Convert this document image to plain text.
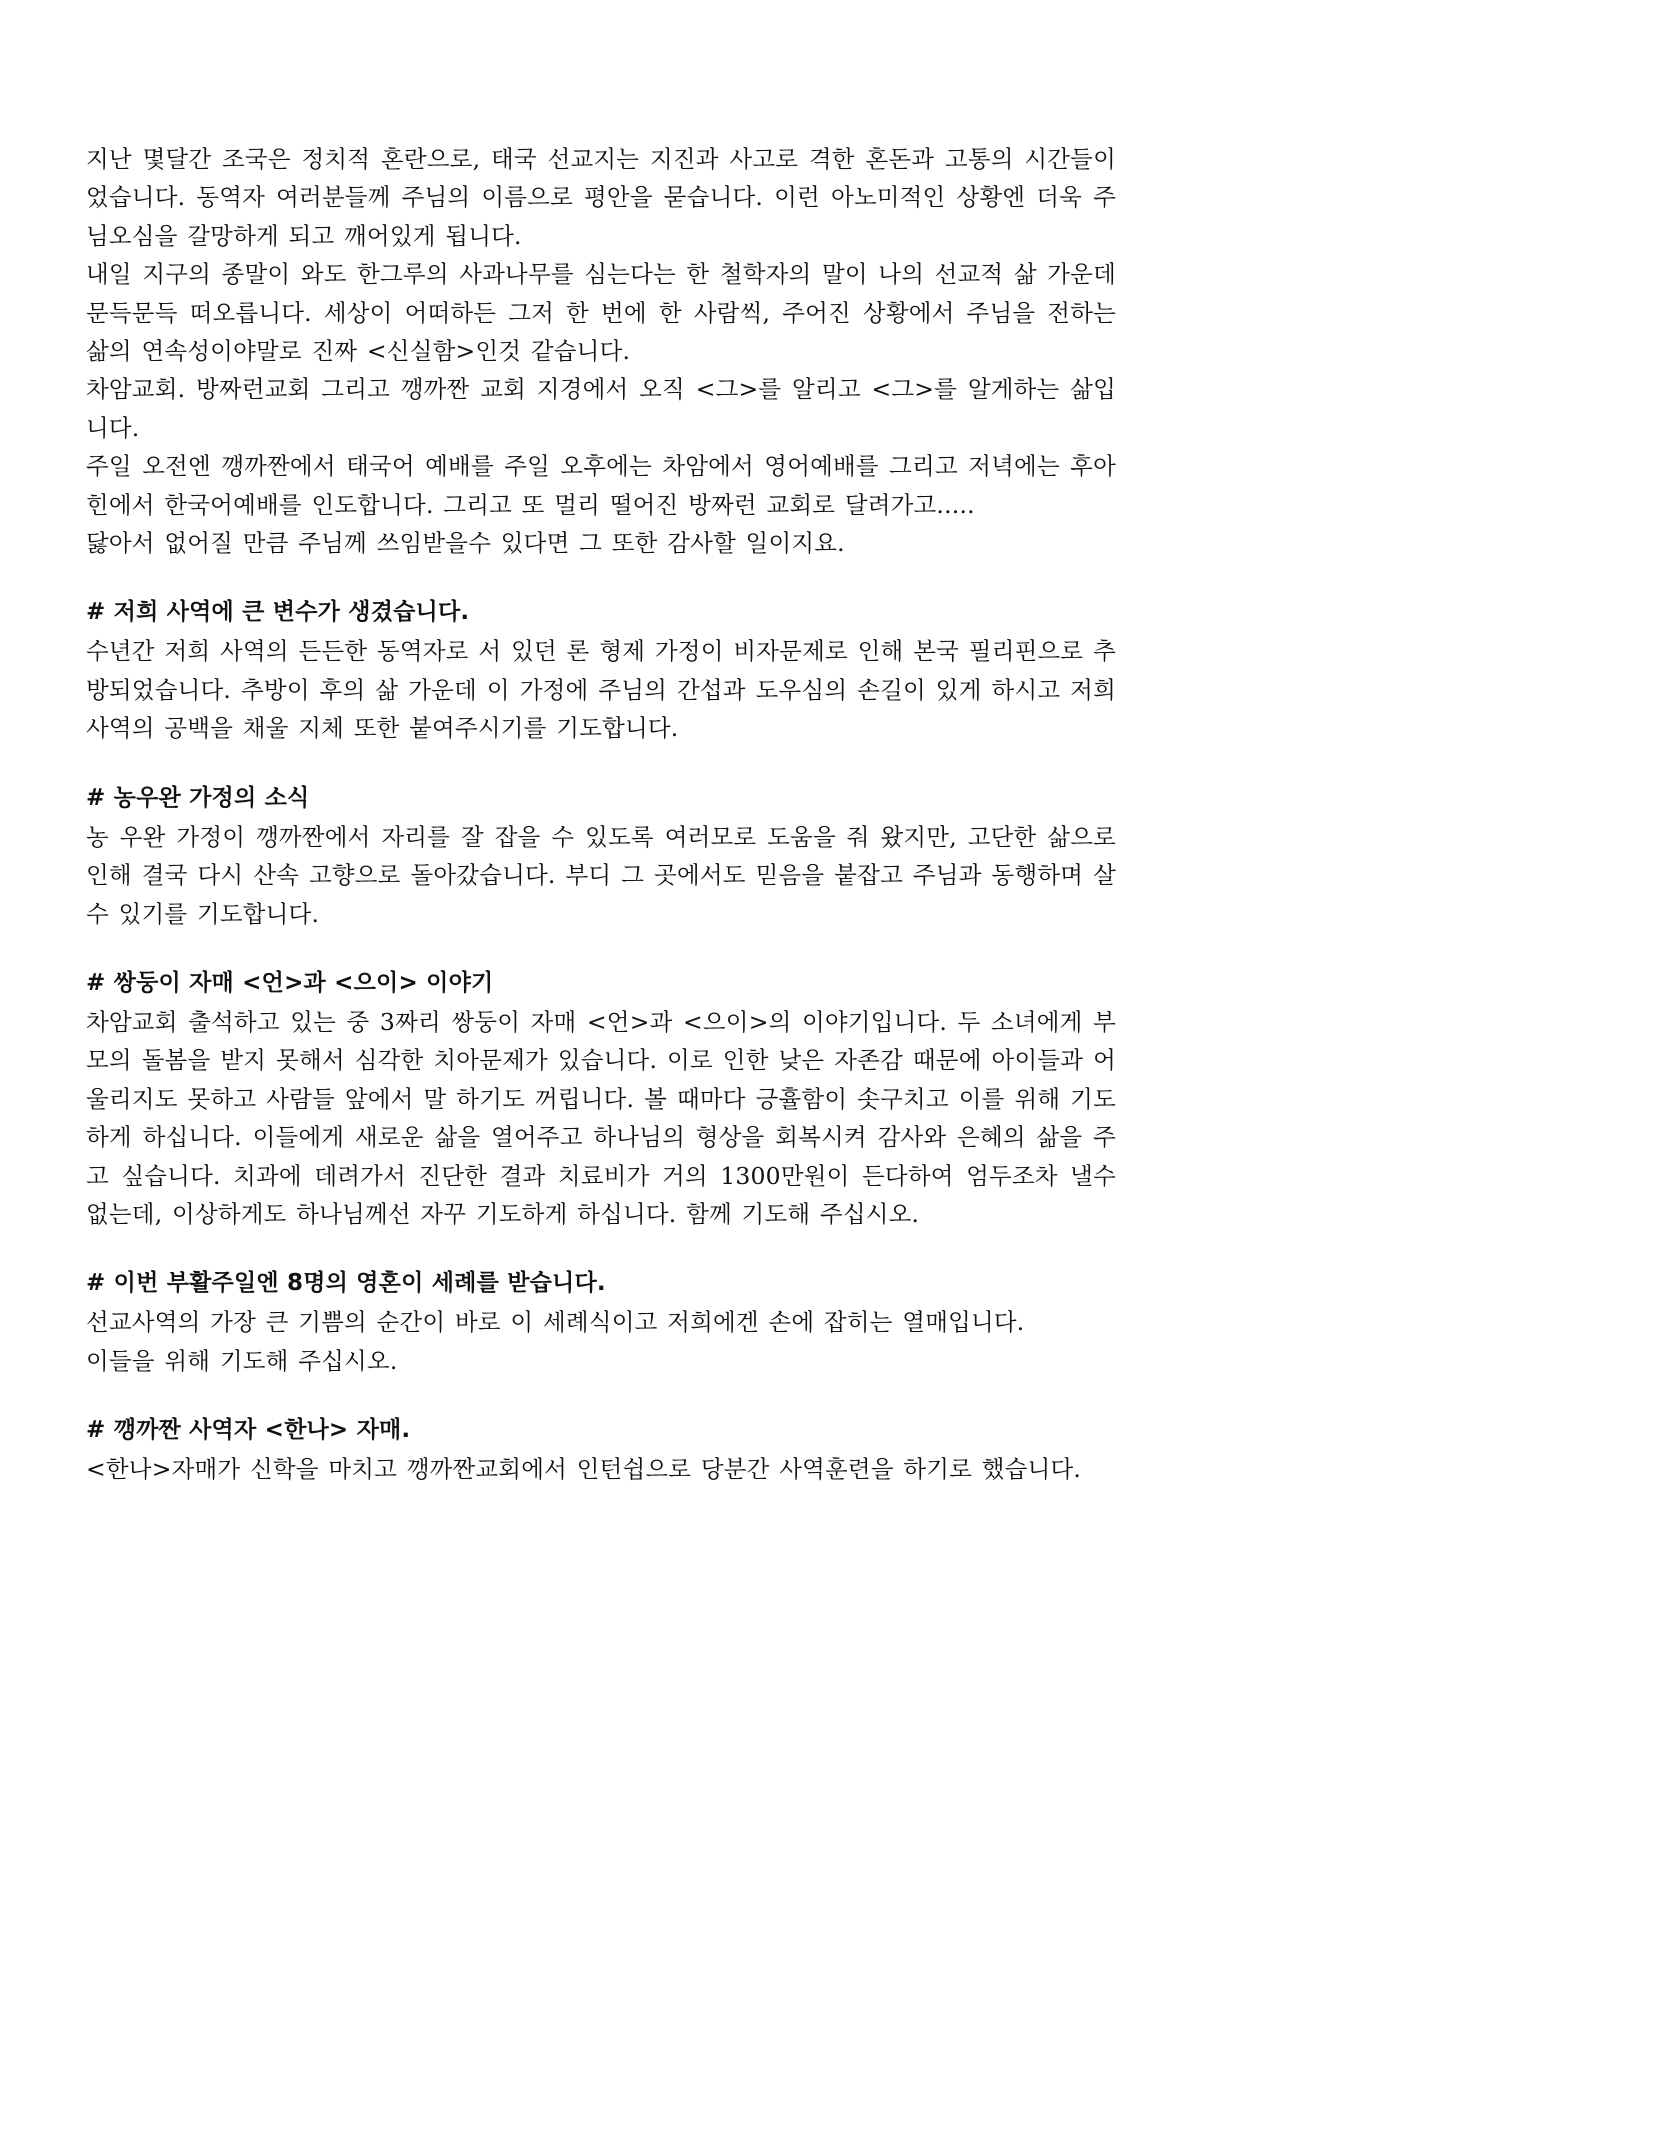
지난 몇달간 조국은 정치적 혼란으로, 태국 선교지는 지진과 사고로 격한 혼돈과 고통의 시간들이었습니다. 동역자 여러분들께 주님의 이름으로 평안을 묻습니다. 이런 아노미적인 상황엔 더욱 주님오심을 갈망하게 되고 깨어있게 됩니다.

내일 지구의 종말이 와도 한그루의 사과나무를 심는다는 한 철학자의 말이 나의 선교적 삶 가운데 문득문득 떠오릅니다. 세상이 어떠하든 그저 한 번에 한 사람씩, 주어진 상황에서 주님을 전하는 삶의 연속성이야말로 진짜 <신실함>인것 같습니다.

차암교회. 방짜런교회 그리고 깽까짠 교회 지경에서 오직 <그>를 알리고 <그>를 알게하는 삶입니다.

주일 오전엔 깽까짠에서 태국어 예배를 주일 오후에는 차암에서 영어예배를 그리고 저녁에는 후아힌에서 한국어예배를 인도합니다. 그리고 또 멀리 떨어진 방짜런 교회로 달려가고.....

닳아서 없어질 만큼 주님께 쓰임받을수 있다면 그 또한 감사할 일이지요.

# 저희 사역에 큰 변수가 생겼습니다.

수년간 저희 사역의 든든한 동역자로 서 있던 론 형제 가정이 비자문제로 인해 본국 필리핀으로 추방되었습니다. 추방이 후의 삶 가운데 이 가정에 주님의 간섭과 도우심의 손길이 있게 하시고 저희 사역의 공백을 채울 지체 또한 붙여주시기를 기도합니다.

# 농우완 가정의 소식

농 우완 가정이 깽까짠에서 자리를 잘 잡을 수 있도록 여러모로 도움을 줘 왔지만, 고단한 삶으로 인해 결국 다시 산속 고향으로 돌아갔습니다. 부디 그 곳에서도 믿음을 붙잡고 주님과 동행하며 살 수 있기를 기도합니다.

# 쌍둥이 자매 <언>과 <으이> 이야기

차암교회 출석하고 있는 중 3짜리 쌍둥이 자매 <언>과 <으이>의 이야기입니다. 두 소녀에게 부모의 돌봄을 받지 못해서 심각한 치아문제가 있습니다. 이로 인한 낮은 자존감 때문에 아이들과 어울리지도 못하고 사람들 앞에서 말 하기도 꺼립니다. 볼 때마다 긍휼함이 솟구치고 이를 위해 기도하게 하십니다. 이들에게 새로운 삶을 열어주고 하나님의 형상을 회복시켜 감사와 은혜의 삶을 주고 싶습니다. 치과에 데려가서 진단한 결과 치료비가 거의 1300만원이 든다하여 엄두조차 낼수 없는데, 이상하게도 하나님께선 자꾸 기도하게 하십니다. 함께 기도해 주십시오.

# 이번 부활주일엔 8명의 영혼이 세례를 받습니다.

선교사역의 가장 큰 기쁨의 순간이 바로 이 세례식이고 저희에겐 손에 잡히는 열매입니다.
이들을 위해 기도해 주십시오.

# 깽까짠 사역자 <한나> 자매.

<한나>자매가 신학을 마치고 깽까짠교회에서 인턴쉽으로 당분간 사역훈련을 하기로 했습니다.
